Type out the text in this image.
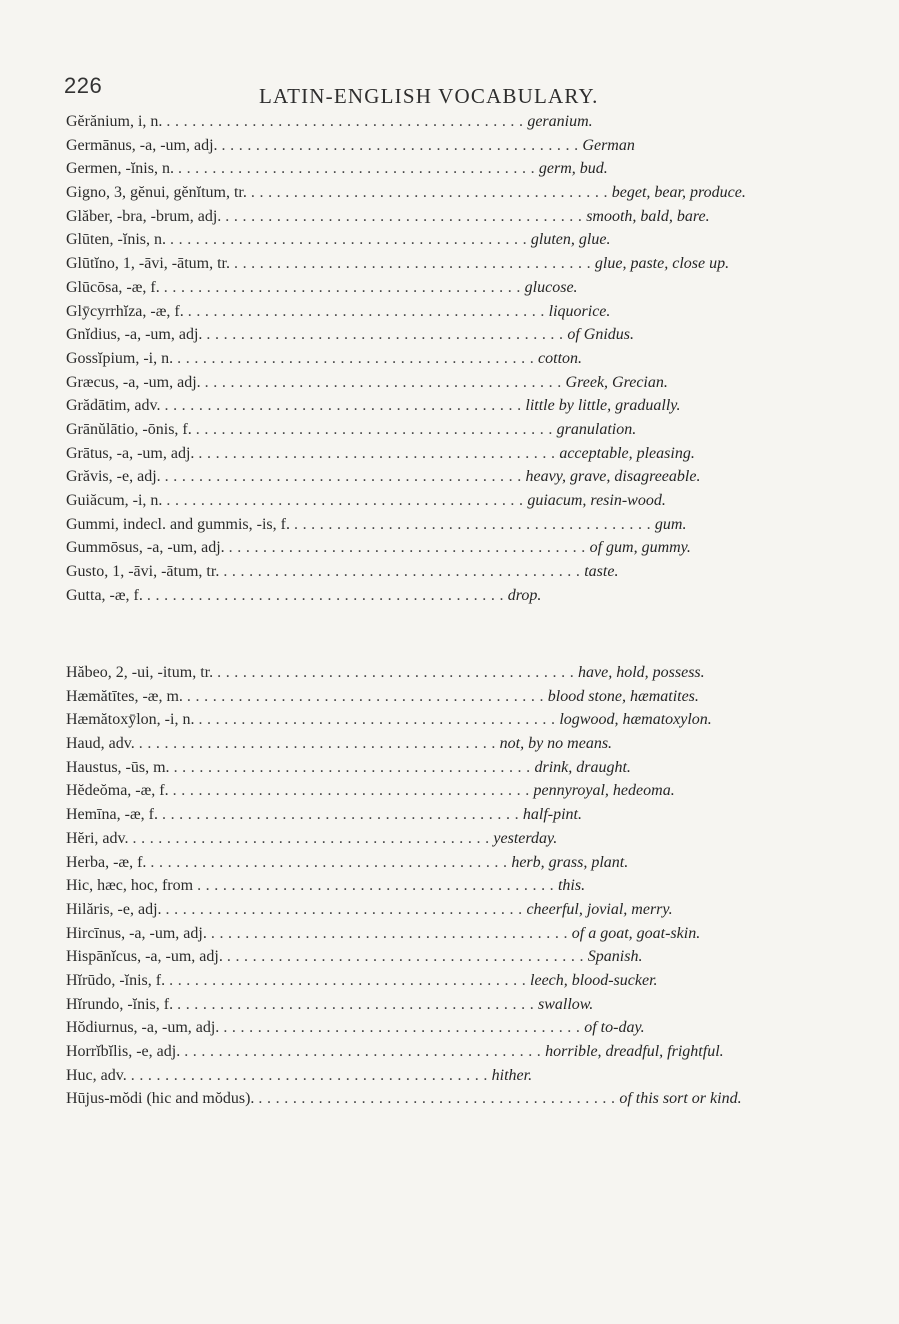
226	LATIN-ENGLISH VOCABULARY.
Gĕrănium, i, n. . . . . . . . . . . . . . . . . . . . . . . . . . . . . . . . . . . . . . . . . . . geranium.
Germānus, -a, -um, adj. . . . . . . . . . . . . . . . . . . . . . . . . . . . . . . . . . . . . . . . . . . German
Germen, -ĭnis, n. . . . . . . . . . . . . . . . . . . . . . . . . . . . . . . . . . . . . . . . . . . germ, bud.
Gigno, 3, gĕnui, gĕnĭtum, tr. . . . . . . . . . . . . . . . . . . . . . . . . . . . . . . . . . . . . . . . . . . beget, bear, produce.
Glăber, -bra, -brum, adj. . . . . . . . . . . . . . . . . . . . . . . . . . . . . . . . . . . . . . . . . . . smooth, bald, bare.
Glūten, -ĭnis, n. . . . . . . . . . . . . . . . . . . . . . . . . . . . . . . . . . . . . . . . . . . gluten, glue.
Glūtĭno, 1, -āvi, -ātum, tr. . . . . . . . . . . . . . . . . . . . . . . . . . . . . . . . . . . . . . . . . . . glue, paste, close up.
Glūcōsa, -æ, f. . . . . . . . . . . . . . . . . . . . . . . . . . . . . . . . . . . . . . . . . . . glucose.
Glȳcyrrhĭza, -æ, f. . . . . . . . . . . . . . . . . . . . . . . . . . . . . . . . . . . . . . . . . . . liquorice.
Gnĭdius, -a, -um, adj. . . . . . . . . . . . . . . . . . . . . . . . . . . . . . . . . . . . . . . . . . . of Gnidus.
Gossĭpium, -i, n. . . . . . . . . . . . . . . . . . . . . . . . . . . . . . . . . . . . . . . . . . . cotton.
Græcus, -a, -um, adj. . . . . . . . . . . . . . . . . . . . . . . . . . . . . . . . . . . . . . . . . . . Greek, Grecian.
Grădātim, adv. . . . . . . . . . . . . . . . . . . . . . . . . . . . . . . . . . . . . . . . . . . little by little, gradually.
Grānŭlātio, -ōnis, f. . . . . . . . . . . . . . . . . . . . . . . . . . . . . . . . . . . . . . . . . . . granulation.
Grātus, -a, -um, adj. . . . . . . . . . . . . . . . . . . . . . . . . . . . . . . . . . . . . . . . . . . acceptable, pleasing.
Grăvis, -e, adj. . . . . . . . . . . . . . . . . . . . . . . . . . . . . . . . . . . . . . . . . . . heavy, grave, disagreeable.
Guiăcum, -i, n. . . . . . . . . . . . . . . . . . . . . . . . . . . . . . . . . . . . . . . . . . . guiacum, resin-wood.
Gummi, indecl. and gummis, -is, f. . . . . . . . . . . . . . . . . . . . . . . . . . . . . . . . . . . . . . . . . . . gum.
Gummōsus, -a, -um, adj. . . . . . . . . . . . . . . . . . . . . . . . . . . . . . . . . . . . . . . . . . . of gum, gummy.
Gusto, 1, -āvi, -ātum, tr. . . . . . . . . . . . . . . . . . . . . . . . . . . . . . . . . . . . . . . . . . . taste.
Gutta, -æ, f. . . . . . . . . . . . . . . . . . . . . . . . . . . . . . . . . . . . . . . . . . . drop.
Hăbeo, 2, -ui, -itum, tr. . . . . . . . . . . . . . . . . . . . . . . . . . . . . . . . . . . . . . . . . . . have, hold, possess.
Hæmătītes, -æ, m. . . . . . . . . . . . . . . . . . . . . . . . . . . . . . . . . . . . . . . . . . . blood stone, hæmatites.
Hæmătoxȳlon, -i, n. . . . . . . . . . . . . . . . . . . . . . . . . . . . . . . . . . . . . . . . . . . logwood, hæmatoxylon.
Haud, adv. . . . . . . . . . . . . . . . . . . . . . . . . . . . . . . . . . . . . . . . . . . not, by no means.
Haustus, -ūs, m. . . . . . . . . . . . . . . . . . . . . . . . . . . . . . . . . . . . . . . . . . . drink, draught.
Hĕdeŏma, -æ, f. . . . . . . . . . . . . . . . . . . . . . . . . . . . . . . . . . . . . . . . . . . pennyroyal, hedeoma.
Hemīna, -æ, f. . . . . . . . . . . . . . . . . . . . . . . . . . . . . . . . . . . . . . . . . . . half-pint.
Hĕri, adv. . . . . . . . . . . . . . . . . . . . . . . . . . . . . . . . . . . . . . . . . . . yesterday.
Herba, -æ, f. . . . . . . . . . . . . . . . . . . . . . . . . . . . . . . . . . . . . . . . . . . herb, grass, plant.
Hic, hæc, hoc, from . . . . . . . . . . . . . . . . . . . . . . . . . . . . . . . . . . . . . . . . . . this.
Hilăris, -e, adj. . . . . . . . . . . . . . . . . . . . . . . . . . . . . . . . . . . . . . . . . . . cheerful, jovial, merry.
Hircīnus, -a, -um, adj. . . . . . . . . . . . . . . . . . . . . . . . . . . . . . . . . . . . . . . . . . . of a goat, goat-skin.
Hispānĭcus, -a, -um, adj. . . . . . . . . . . . . . . . . . . . . . . . . . . . . . . . . . . . . . . . . . . Spanish.
Hĭrūdo, -ĭnis, f. . . . . . . . . . . . . . . . . . . . . . . . . . . . . . . . . . . . . . . . . . . leech, blood-sucker.
Hĭrundo, -ĭnis, f. . . . . . . . . . . . . . . . . . . . . . . . . . . . . . . . . . . . . . . . . . . swallow.
Hŏdiurnus, -a, -um, adj. . . . . . . . . . . . . . . . . . . . . . . . . . . . . . . . . . . . . . . . . . . of to-day.
Horrĭbĭlis, -e, adj. . . . . . . . . . . . . . . . . . . . . . . . . . . . . . . . . . . . . . . . . . . horrible, dreadful, frightful.
Huc, adv. . . . . . . . . . . . . . . . . . . . . . . . . . . . . . . . . . . . . . . . . . . hither.
Hūjus-mŏdi (hic and mŏdus). . . . . . . . . . . . . . . . . . . . . . . . . . . . . . . . . . . . . . . . . . . of this sort or kind.
